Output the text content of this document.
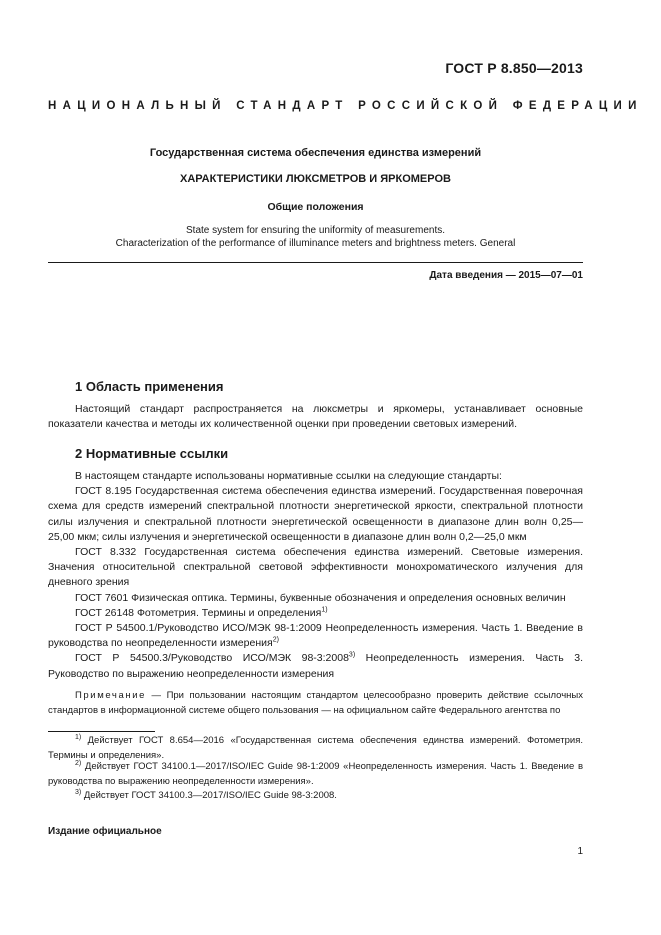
ГОСТ Р 8.850—2013
НАЦИОНАЛЬНЫЙ СТАНДАРТ РОССИЙСКОЙ ФЕДЕРАЦИИ
Государственная система обеспечения единства измерений
ХАРАКТЕРИСТИКИ ЛЮКСМЕТРОВ И ЯРКОМЕРОВ
Общие положения
State system for ensuring the uniformity of measurements.
Characterization of the performance of illuminance meters and brightness meters. General
Дата введения — 2015—07—01
1 Область применения

Настоящий стандарт распространяется на люксметры и яркомеры, устанавливает основные показатели качества и методы их количественной оценки при проведении световых измерений.

2 Нормативные ссылки

В настоящем стандарте использованы нормативные ссылки на следующие стандарты:

ГОСТ 8.195 Государственная система обеспечения единства измерений. Государственная поверочная схема для средств измерений спектральной плотности энергетической яркости, спектральной плотности силы излучения и спектральной плотности энергетической освещенности в диапазоне длин волн 0,25—25,00 мкм; силы излучения и энергетической освещенности в диапазоне длин волн 0,2—25,0 мкм

ГОСТ 8.332 Государственная система обеспечения единства измерений. Световые измерения. Значения относительной спектральной световой эффективности монохроматического излучения для дневного зрения

ГОСТ 7601 Физическая оптика. Термины, буквенные обозначения и определения основных величин

ГОСТ 26148 Фотометрия. Термины и определения$^{1)}$

ГОСТ Р 54500.1/Руководство ИСО/МЭК 98-1:2009 Неопределенность измерения. Часть 1. Введение в руководства по неопределенности измерения$^{2)}$

ГОСТ Р 54500.3/Руководство ИСО/МЭК 98-3:2008$^{3)}$ Неопределенность измерения. Часть 3. Руководство по выражению неопределенности измерения

Примечание — При пользовании настоящим стандартом целесообразно проверить действие ссылочных стандартов в информационной системе общего пользования — на официальном сайте Федерального агентства по

$^{1)}$ Действует ГОСТ 8.654—2016 «Государственная система обеспечения единства измерений. Фотометрия. Термины и определения».

$^{2)}$ Действует ГОСТ 34100.1—2017/ISO/IEC Guide 98-1:2009 «Неопределенность измерения. Часть 1. Введение в руководства по выражению неопределенности измерения».

$^{3)}$ Действует ГОСТ 34100.3—2017/ISO/IEC Guide 98-3:2008.

Издание официальное
1
